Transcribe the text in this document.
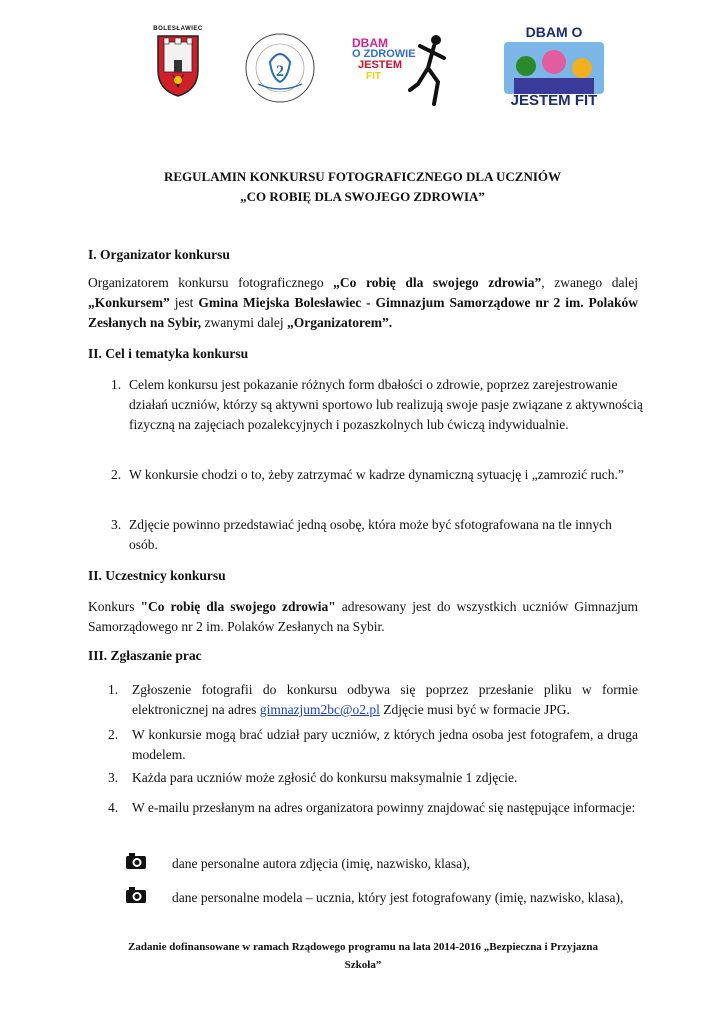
BOLESŁAWIEC
2
DBAM
O ZDROWIE
JESTEM
FIT
DBAM O
JESTEM FIT
REGULAMIN KONKURSU FOTOGRAFICZNEGO DLA UCZNIÓW
„CO ROBIĘ DLA SWOJEGO ZDROWIA”
I. Organizator konkursu
Organizatorem konkursu fotograficznego „Co robię dla swojego zdrowia”, zwanego dalej „Konkursem” jest Gmina Miejska Bolesławiec - Gimnazjum Samorządowe nr 2 im. Polaków Zesłanych na Sybir, zwanymi dalej „Organizatorem”.
II. Cel i tematyka konkursu
1. Celem konkursu jest pokazanie różnych form dbałości o zdrowie, poprzez zarejestrowanie działań uczniów, którzy są aktywni sportowo lub realizują swoje pasje związane z aktywnością fizyczną na zajęciach pozalekcyjnych i pozaszkolnych lub ćwiczą indywidualnie.
2. W konkursie chodzi o to, żeby zatrzymać w kadrze dynamiczną sytuację i „zamrozić ruch.”
3. Zdjęcie powinno przedstawiać jedną osobę, która może być sfotografowana na tle innych osób.
II. Uczestnicy konkursu
Konkurs "Co robię dla swojego zdrowia" adresowany jest do wszystkich uczniów Gimnazjum Samorządowego nr 2 im. Polaków Zesłanych na Sybir.
III. Zgłaszanie prac
1. Zgłoszenie fotografii do konkursu odbywa się poprzez przesłanie pliku w formie elektronicznej na adres gimnazjum2bc@o2.pl Zdjęcie musi być w formacie JPG.
2. W konkursie mogą brać udział pary uczniów, z których jedna osoba jest fotografem, a druga modelem.
3. Każda para uczniów może zgłosić do konkursu maksymalnie 1 zdjęcie.
4. W e-mailu przesłanym na adres organizatora powinny znajdować się następujące informacje:
dane personalne autora zdjęcia (imię, nazwisko, klasa),
dane personalne modela – ucznia, który jest fotografowany (imię, nazwisko, klasa),
Zadanie dofinansowane w ramach Rządowego programu na lata 2014-2016 „Bezpieczna i Przyjazna
Szkoła”
